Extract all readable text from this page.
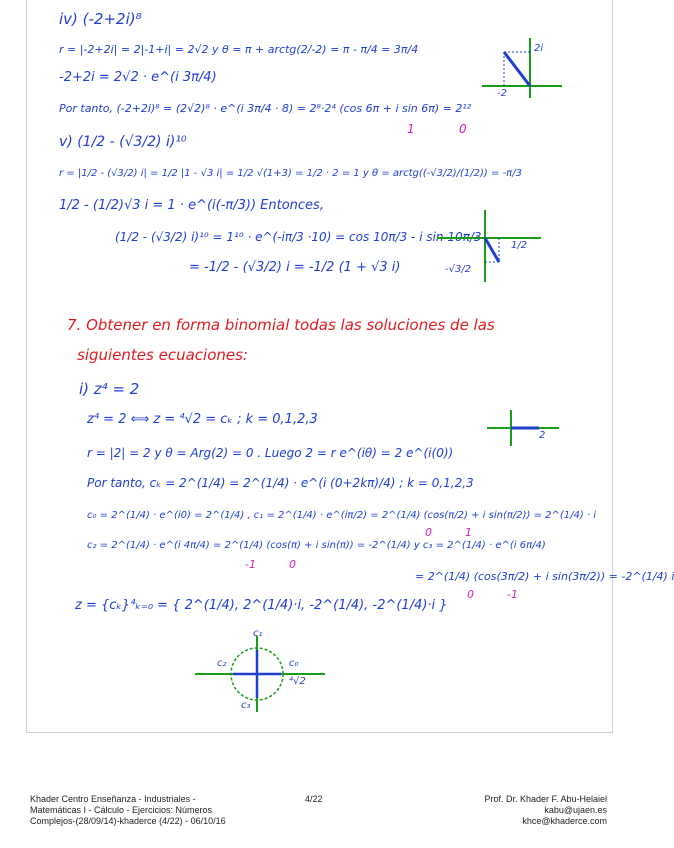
iv) (-2+2i)⁸
r = |-2+2i| = 2|-1+i| = 2√2 y θ = π + arctg(2/-2) = π - π/4 = 3π/4
-2+2i = 2√2 · e^(i 3π/4)
Por tanto, (-2+2i)⁸ = (2√2)⁸ · e^(i 3π/4 · 8) = 2⁸·2⁴ (cos 6π + i sin 6π) = 2¹²
1	0
2i
-2
v) (1/2 - (√3/2) i)¹⁰
r = |1/2 - (√3/2) i| = 1/2 |1 - √3 i| = 1/2 √(1+3) = 1/2 · 2 = 1 y θ = arctg((-√3/2)/(1/2)) = -π/3
1/2 - (1/2)√3 i = 1 · e^(i(-π/3)) Entonces,
(1/2 - (√3/2) i)¹⁰ = 1¹⁰ · e^(-iπ/3 ·10) = cos 10π/3 - i sin 10π/3
= -1/2 - (√3/2) i = -1/2 (1 + √3 i)
1/2
-√3/2
7. Obtener en forma binomial todas las soluciones de las
siguientes ecuaciones:
i) z⁴ = 2
z⁴ = 2 ⟺ z = ⁴√2 = cₖ ; k = 0,1,2,3
2
r = |2| = 2 y θ = Arg(2) = 0 . Luego 2 = r e^(iθ) = 2 e^(i(0))
Por tanto, cₖ = 2^(1/4) = 2^(1/4) · e^(i (0+2kπ)/4) ; k = 0,1,2,3
c₀ = 2^(1/4) · e^(i0) = 2^(1/4) , c₁ = 2^(1/4) · e^(iπ/2) = 2^(1/4) (cos(π/2) + i sin(π/2)) = 2^(1/4) · i
0	1
c₂ = 2^(1/4) · e^(i 4π/4) = 2^(1/4) (cos(π) + i sin(π)) = -2^(1/4) y c₃ = 2^(1/4) · e^(i 6π/4)
-1	0
= 2^(1/4) (cos(3π/2) + i sin(3π/2)) = -2^(1/4) i
0	-1
z = {cₖ}⁴ₖ₌₀ = { 2^(1/4), 2^(1/4)·i, -2^(1/4), -2^(1/4)·i }
c₁
c₂	c₀
c₃
⁴√2
Khader Centro Enseñanza - Industriales -
Matemáticas I - Cálculo - Ejercicios: Números
Complejos-(28/09/14)-khaderce (4/22) - 06/10/16
4/22	Prof. Dr. Khader F. Abu-Helaiel
kabu@ujaen.es
khce@khaderce.com
